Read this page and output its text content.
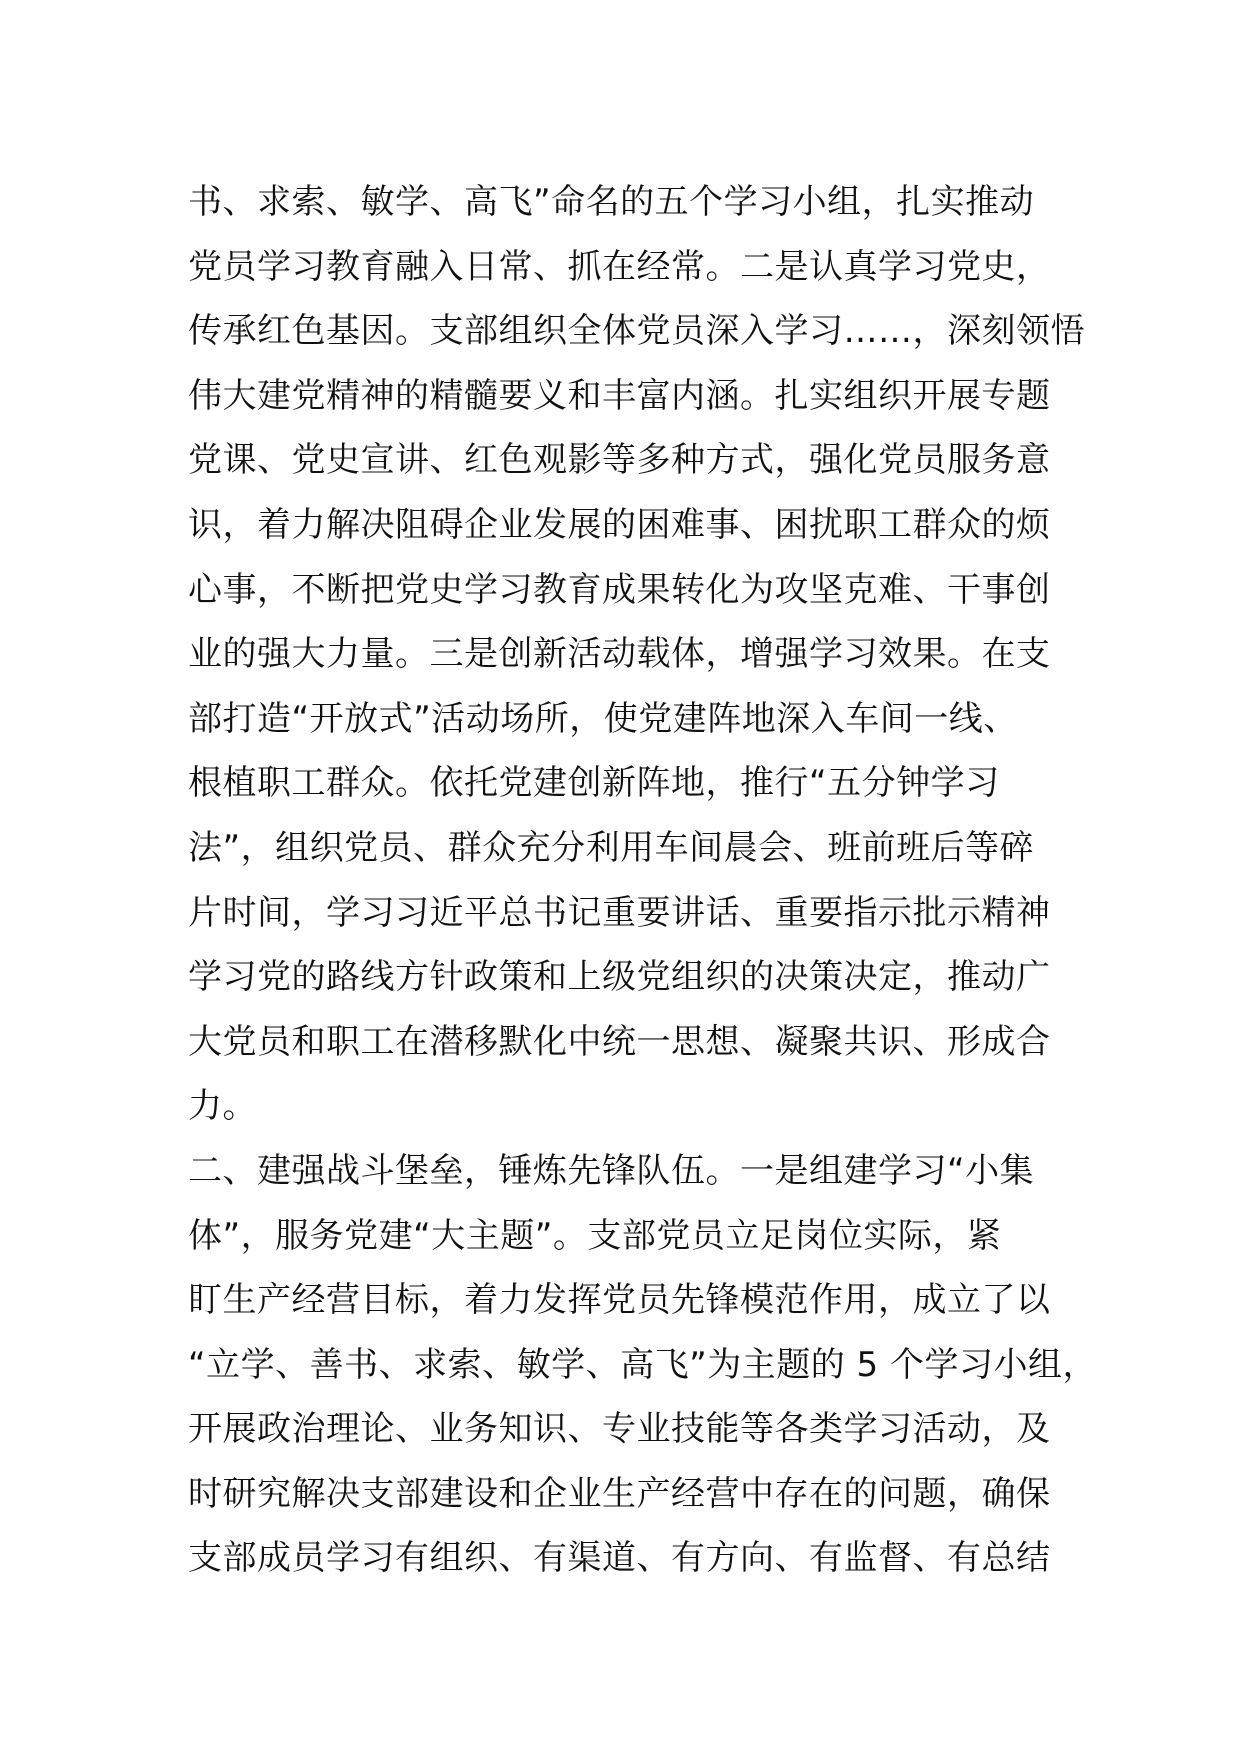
书、求索、敏学、高飞”命名的五个学习小组，扎实推动
党员学习教育融入日常、抓在经常。二是认真学习党史，
传承红色基因。支部组织全体党员深入学习……，深刻领悟
伟大建党精神的精髓要义和丰富内涵。扎实组织开展专题
党课、党史宣讲、红色观影等多种方式，强化党员服务意
识，着力解决阻碍企业发展的困难事、困扰职工群众的烦
心事，不断把党史学习教育成果转化为攻坚克难、干事创
业的强大力量。三是创新活动载体，增强学习效果。在支
部打造“开放式”活动场所，使党建阵地深入车间一线、
根植职工群众。依托党建创新阵地，推行“五分钟学习
法”，组织党员、群众充分利用车间晨会、班前班后等碎
片时间，学习习近平总书记重要讲话、重要指示批示精神
学习党的路线方针政策和上级党组织的决策决定，推动广
大党员和职工在潜移默化中统一思想、凝聚共识、形成合
力。
二、建强战斗堡垒，锤炼先锋队伍。一是组建学习“小集
体”，服务党建“大主题”。支部党员立足岗位实际，紧
盯生产经营目标，着力发挥党员先锋模范作用，成立了以
“立学、善书、求索、敏学、高飞”为主题的 5 个学习小组，
开展政治理论、业务知识、专业技能等各类学习活动，及
时研究解决支部建设和企业生产经营中存在的问题，确保
支部成员学习有组织、有渠道、有方向、有监督、有总结
